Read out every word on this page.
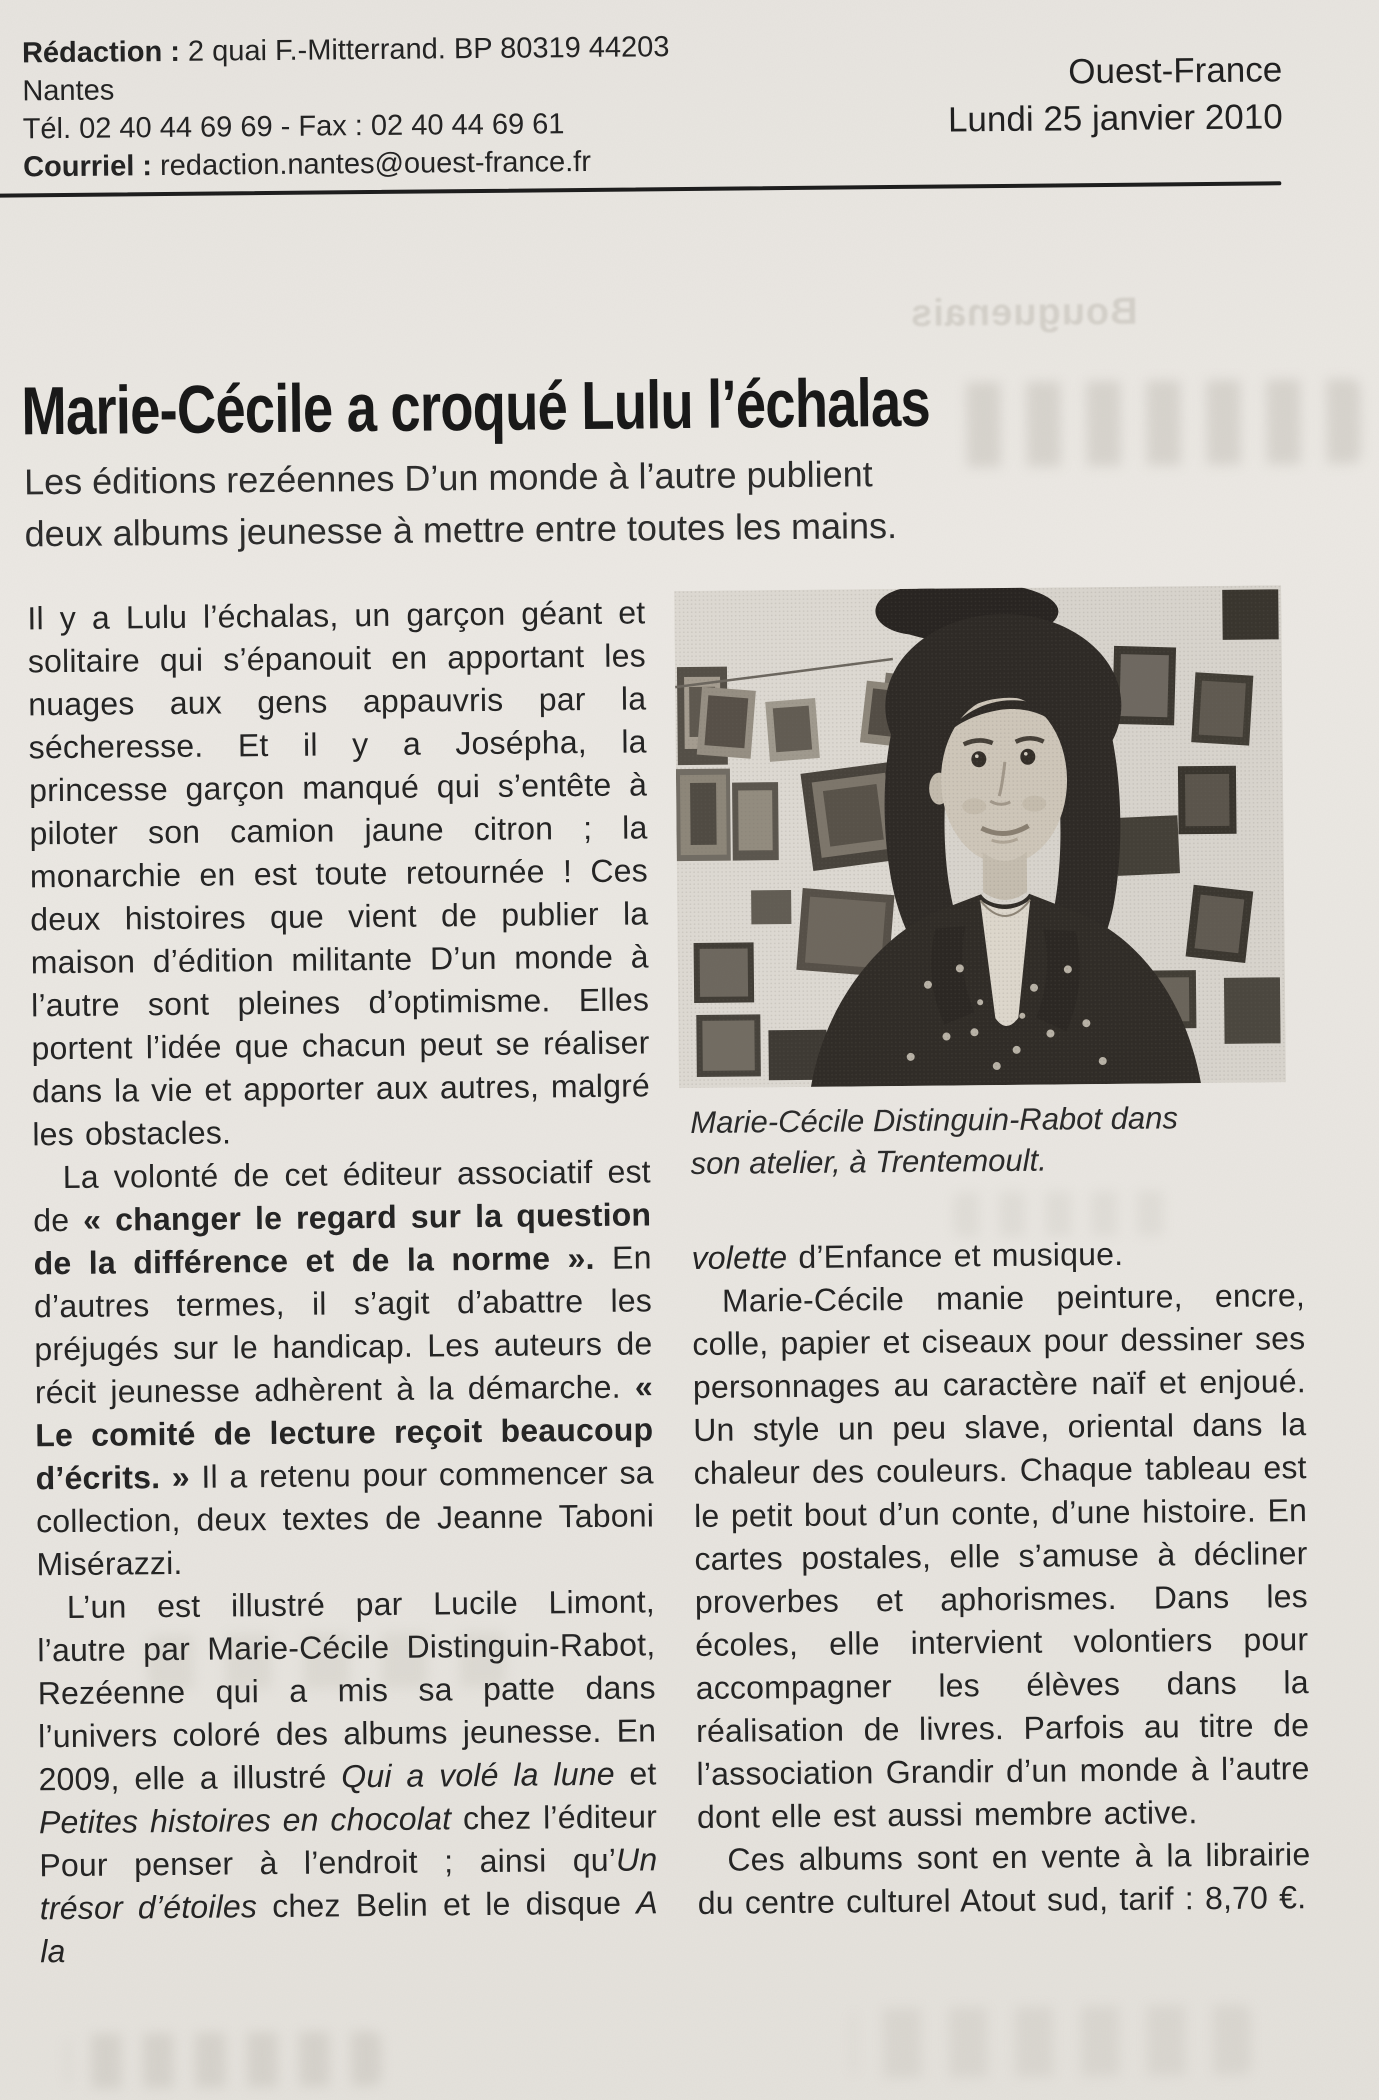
Rédaction : 2 quai F.-Mitterrand. BP 80319 44203 Nantes
Tél. 02 40 44 69 69 - Fax : 02 40 44 69 61
Courriel : redaction.nantes@ouest-france.fr
Ouest-France
Lundi 25 janvier 2010
Bouguenais
Marie-Cécile a croqué Lulu l’échalas
Les éditions rezéennes D’un monde à l’autre publient
deux albums jeunesse à mettre entre toutes les mains.

Il y a Lulu l’échalas, un garçon géant et solitaire qui s’épanouit en apportant les nuages aux gens appauvris par la sécheresse. Et il y a Josépha, la princesse garçon manqué qui s’entête à piloter son camion jaune citron ; la monarchie en est toute retournée ! Ces deux histoires que vient de publier la maison d’édition militante D’un monde à l’autre sont pleines d’optimisme. Elles portent l’idée que chacun peut se réaliser dans la vie et apporter aux autres, malgré les obstacles.

La volonté de cet éditeur associatif est de « changer le regard sur la question de la différence et de la norme ». En d’autres termes, il s’agit d’abattre les préjugés sur le handicap. Les auteurs de récit jeunesse adhèrent à la démarche. « Le comité de lecture reçoit beaucoup d’écrits. » Il a retenu pour commencer sa collection, deux textes de Jeanne Taboni Misérazzi.

L’un est illustré par Lucile Limont, l’autre par Marie-Cécile Distinguin-Rabot, Rezéenne qui a mis sa patte dans l’univers coloré des albums jeunesse. En 2009, elle a illustré Qui a volé la lune et Petites histoires en chocolat chez l’éditeur Pour penser à l’endroit ; ainsi qu’Un trésor d’étoiles chez Belin et le disque A la

Marie-Cécile Distinguin-Rabot dans
son atelier, à Trentemoult.

volette d’Enfance et musique.

Marie-Cécile manie peinture, encre, colle, papier et ciseaux pour dessiner ses personnages au caractère naïf et enjoué. Un style un peu slave, oriental dans la chaleur des couleurs. Chaque tableau est le petit bout d’un conte, d’une histoire. En cartes postales, elle s’amuse à décliner proverbes et aphorismes. Dans les écoles, elle intervient volontiers pour accompagner les élèves dans la réalisation de livres. Parfois au titre de l’association Grandir d’un monde à l’autre dont elle est aussi membre active.

Ces albums sont en vente à la librairie du centre culturel Atout sud, tarif : 8,70 €.
